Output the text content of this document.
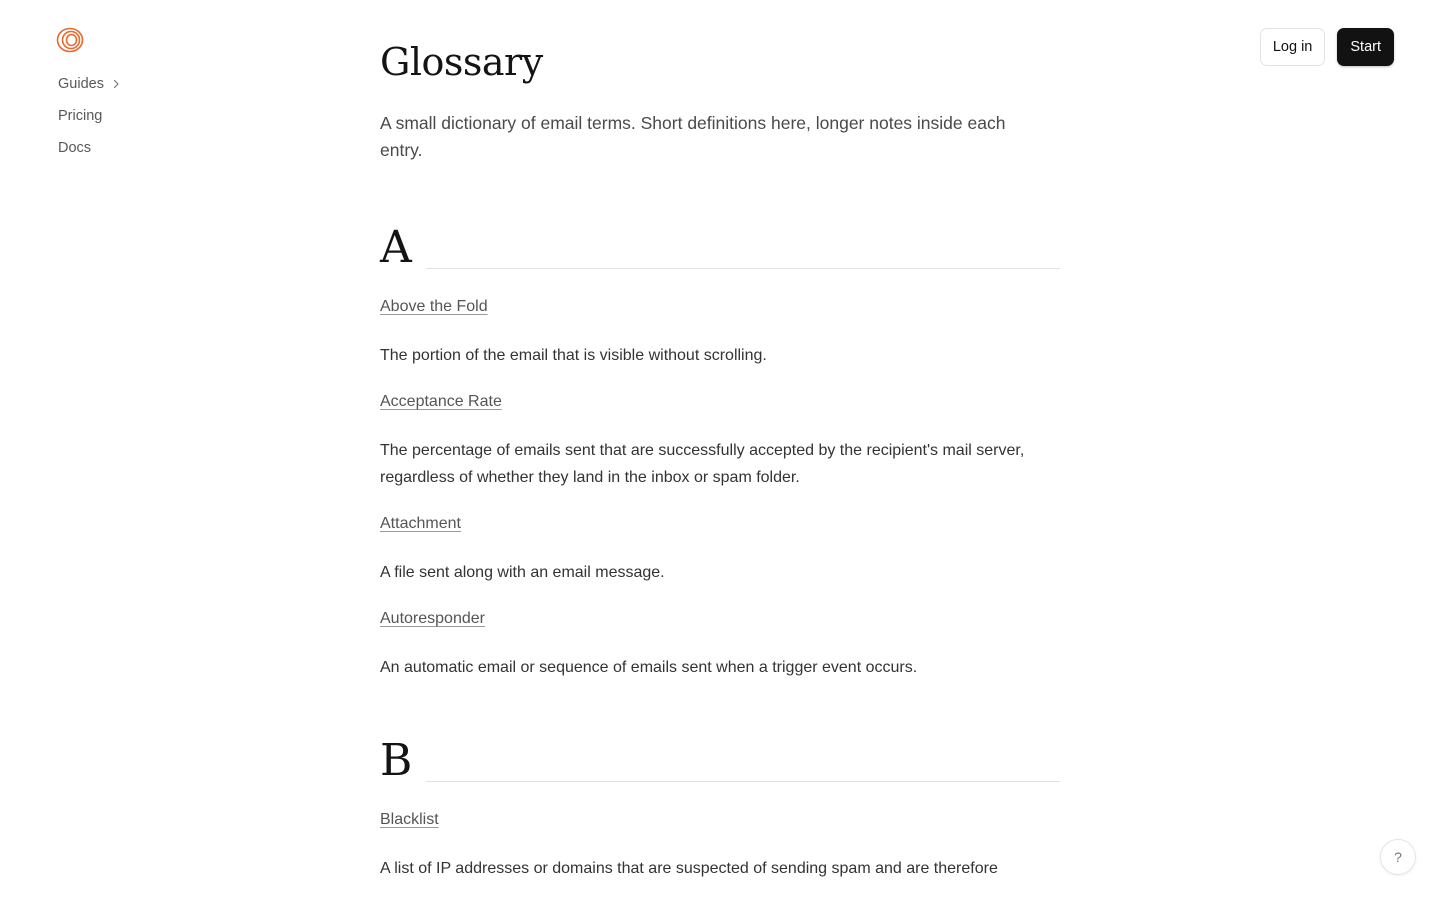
Guides
Pricing
Docs
Log in	Start
Glossary

A small dictionary of email terms. Short definitions here, longer notes inside each entry.

A
Above the Fold

The portion of the email that is visible without scrolling.

Acceptance Rate

The percentage of emails sent that are successfully accepted by the recipient's mail server, regardless of whether they land in the inbox or spam folder.

Attachment

A file sent along with an email message.

Autoresponder

An automatic email or sequence of emails sent when a trigger event occurs.

B
Blacklist

A list of IP addresses or domains that are suspected of sending spam and are therefore

?
